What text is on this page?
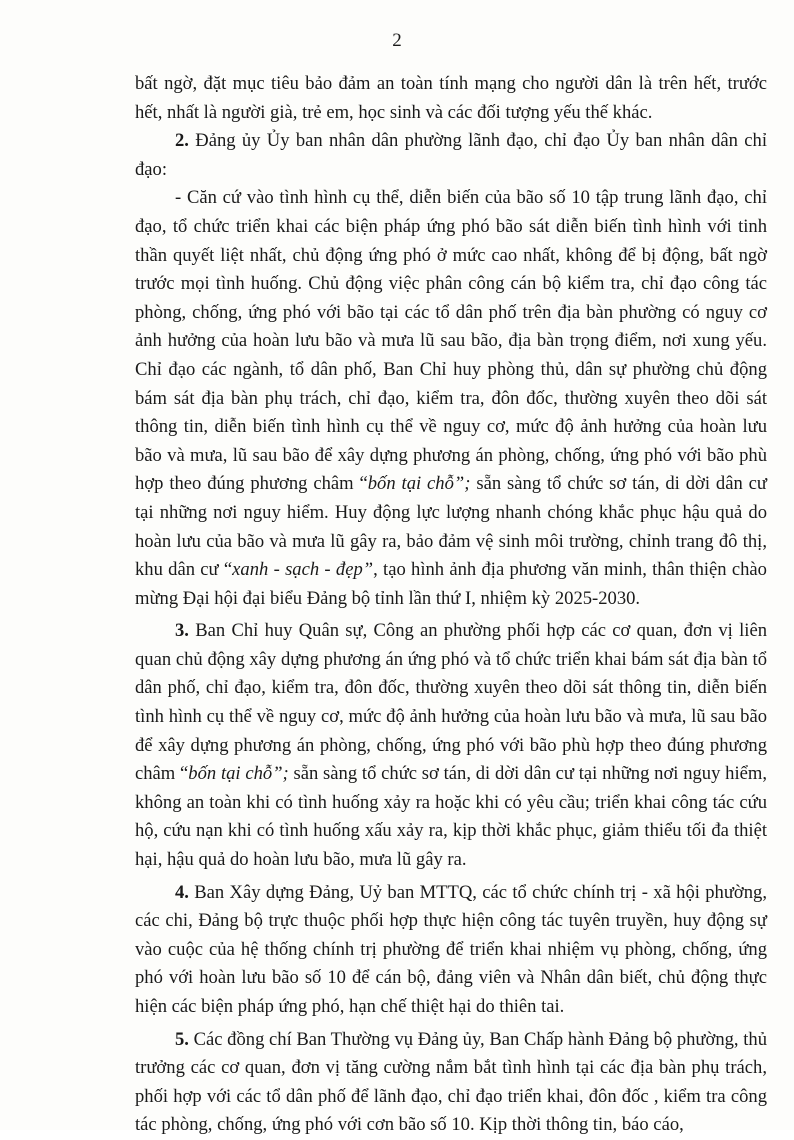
2

bất ngờ, đặt mục tiêu bảo đảm an toàn tính mạng cho người dân là trên hết, trước hết, nhất là người già, trẻ em, học sinh và các đối tượng yếu thế khác.

2. Đảng ủy Ủy ban nhân dân phường lãnh đạo, chỉ đạo Ủy ban nhân dân chỉ đạo:

- Căn cứ vào tình hình cụ thể, diễn biến của bão số 10 tập trung lãnh đạo, chỉ đạo, tổ chức triển khai các biện pháp ứng phó bão sát diễn biến tình hình với tinh thần quyết liệt nhất, chủ động ứng phó ở mức cao nhất, không để bị động, bất ngờ trước mọi tình huống. Chủ động việc phân công cán bộ kiểm tra, chỉ đạo công tác phòng, chống, ứng phó với bão tại các tổ dân phố trên địa bàn phường có nguy cơ ảnh hưởng của hoàn lưu bão và mưa lũ sau bão, địa bàn trọng điểm, nơi xung yếu. Chỉ đạo các ngành, tổ dân phố, Ban Chỉ huy phòng thủ, dân sự phường chủ động bám sát địa bàn phụ trách, chỉ đạo, kiểm tra, đôn đốc, thường xuyên theo dõi sát thông tin, diễn biến tình hình cụ thể về nguy cơ, mức độ ảnh hưởng của hoàn lưu bão và mưa, lũ sau bão để xây dựng phương án phòng, chống, ứng phó với bão phù hợp theo đúng phương châm “bốn tại chỗ”; sẵn sàng tổ chức sơ tán, di dời dân cư tại những nơi nguy hiểm. Huy động lực lượng nhanh chóng khắc phục hậu quả do hoàn lưu của bão và mưa lũ gây ra, bảo đảm vệ sinh môi trường, chỉnh trang đô thị, khu dân cư “xanh - sạch - đẹp”, tạo hình ảnh địa phương văn minh, thân thiện chào mừng Đại hội đại biểu Đảng bộ tỉnh lần thứ I, nhiệm kỳ 2025-2030.

3. Ban Chỉ huy Quân sự, Công an phường phối hợp các cơ quan, đơn vị liên quan chủ động xây dựng phương án ứng phó và tổ chức triển khai bám sát địa bàn tổ dân phố, chỉ đạo, kiểm tra, đôn đốc, thường xuyên theo dõi sát thông tin, diễn biến tình hình cụ thể về nguy cơ, mức độ ảnh hưởng của hoàn lưu bão và mưa, lũ sau bão để xây dựng phương án phòng, chống, ứng phó với bão phù hợp theo đúng phương châm “bốn tại chỗ”; sẵn sàng tổ chức sơ tán, di dời dân cư tại những nơi nguy hiểm, không an toàn khi có tình huống xảy ra hoặc khi có yêu cầu; triển khai công tác cứu hộ, cứu nạn khi có tình huống xấu xảy ra, kịp thời khắc phục, giảm thiểu tối đa thiệt hại, hậu quả do hoàn lưu bão, mưa lũ gây ra.

4. Ban Xây dựng Đảng, Uỷ ban MTTQ, các tổ chức chính trị - xã hội phường, các chi, Đảng bộ trực thuộc phối hợp thực hiện công tác tuyên truyền, huy động sự vào cuộc của hệ thống chính trị phường để triển khai nhiệm vụ phòng, chống, ứng phó với hoàn lưu bão số 10 để cán bộ, đảng viên và Nhân dân biết, chủ động thực hiện các biện pháp ứng phó, hạn chế thiệt hại do thiên tai.

5. Các đồng chí Ban Thường vụ Đảng ủy, Ban Chấp hành Đảng bộ phường, thủ trưởng các cơ quan, đơn vị tăng cường nắm bắt tình hình tại các địa bàn phụ trách, phối hợp với các tổ dân phố để lãnh đạo, chỉ đạo triển khai, đôn đốc , kiểm tra công tác phòng, chống, ứng phó với cơn bão số 10. Kịp thời thông tin, báo cáo,
